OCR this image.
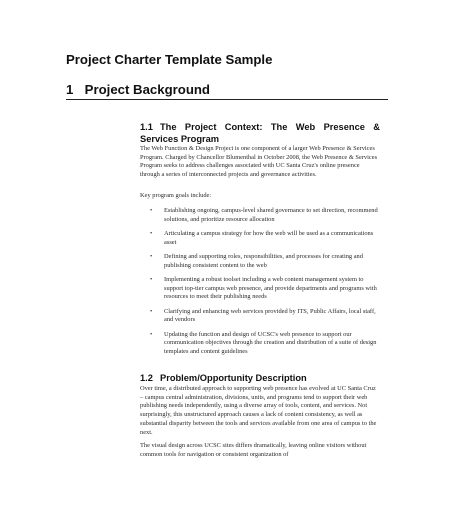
Project Charter Template Sample
1 Project Background
1.1 The Project Context: The Web Presence & Services Program

The Web Function & Design Project is one component of a larger Web Presence & Services Program. Charged by Chancellor Blumenthal in October 2008, the Web Presence & Services Program seeks to address challenges associated with UC Santa Cruz's online presence through a series of interconnected projects and governance activities.

Key program goals include:

• Establishing ongoing, campus-level shared governance to set direction, recommend solutions, and prioritize resource allocation
• Articulating a campus strategy for how the web will be used as a communications asset
• Defining and supporting roles, responsibilities, and processes for creating and publishing consistent content to the web
• Implementing a robust toolset including a web content management system to support top-tier campus web presence, and provide departments and programs with resources to meet their publishing needs
• Clarifying and enhancing web services provided by ITS, Public Affairs, local staff, and vendors
• Updating the function and design of UCSC's web presence to support our communication objectives through the creation and distribution of a suite of design templates and content guidelines
1.2 Problem/Opportunity Description

Over time, a distributed approach to supporting web presence has evolved at UC Santa Cruz – campus central administration, divisions, units, and programs tend to support their web publishing needs independently, using a diverse array of tools, content, and services. Not surprisingly, this unstructured approach causes a lack of content consistency, as well as substantial disparity between the tools and services available from one area of campus to the next.

The visual design across UCSC sites differs dramatically, leaving online visitors without common tools for navigation or consistent organization of
